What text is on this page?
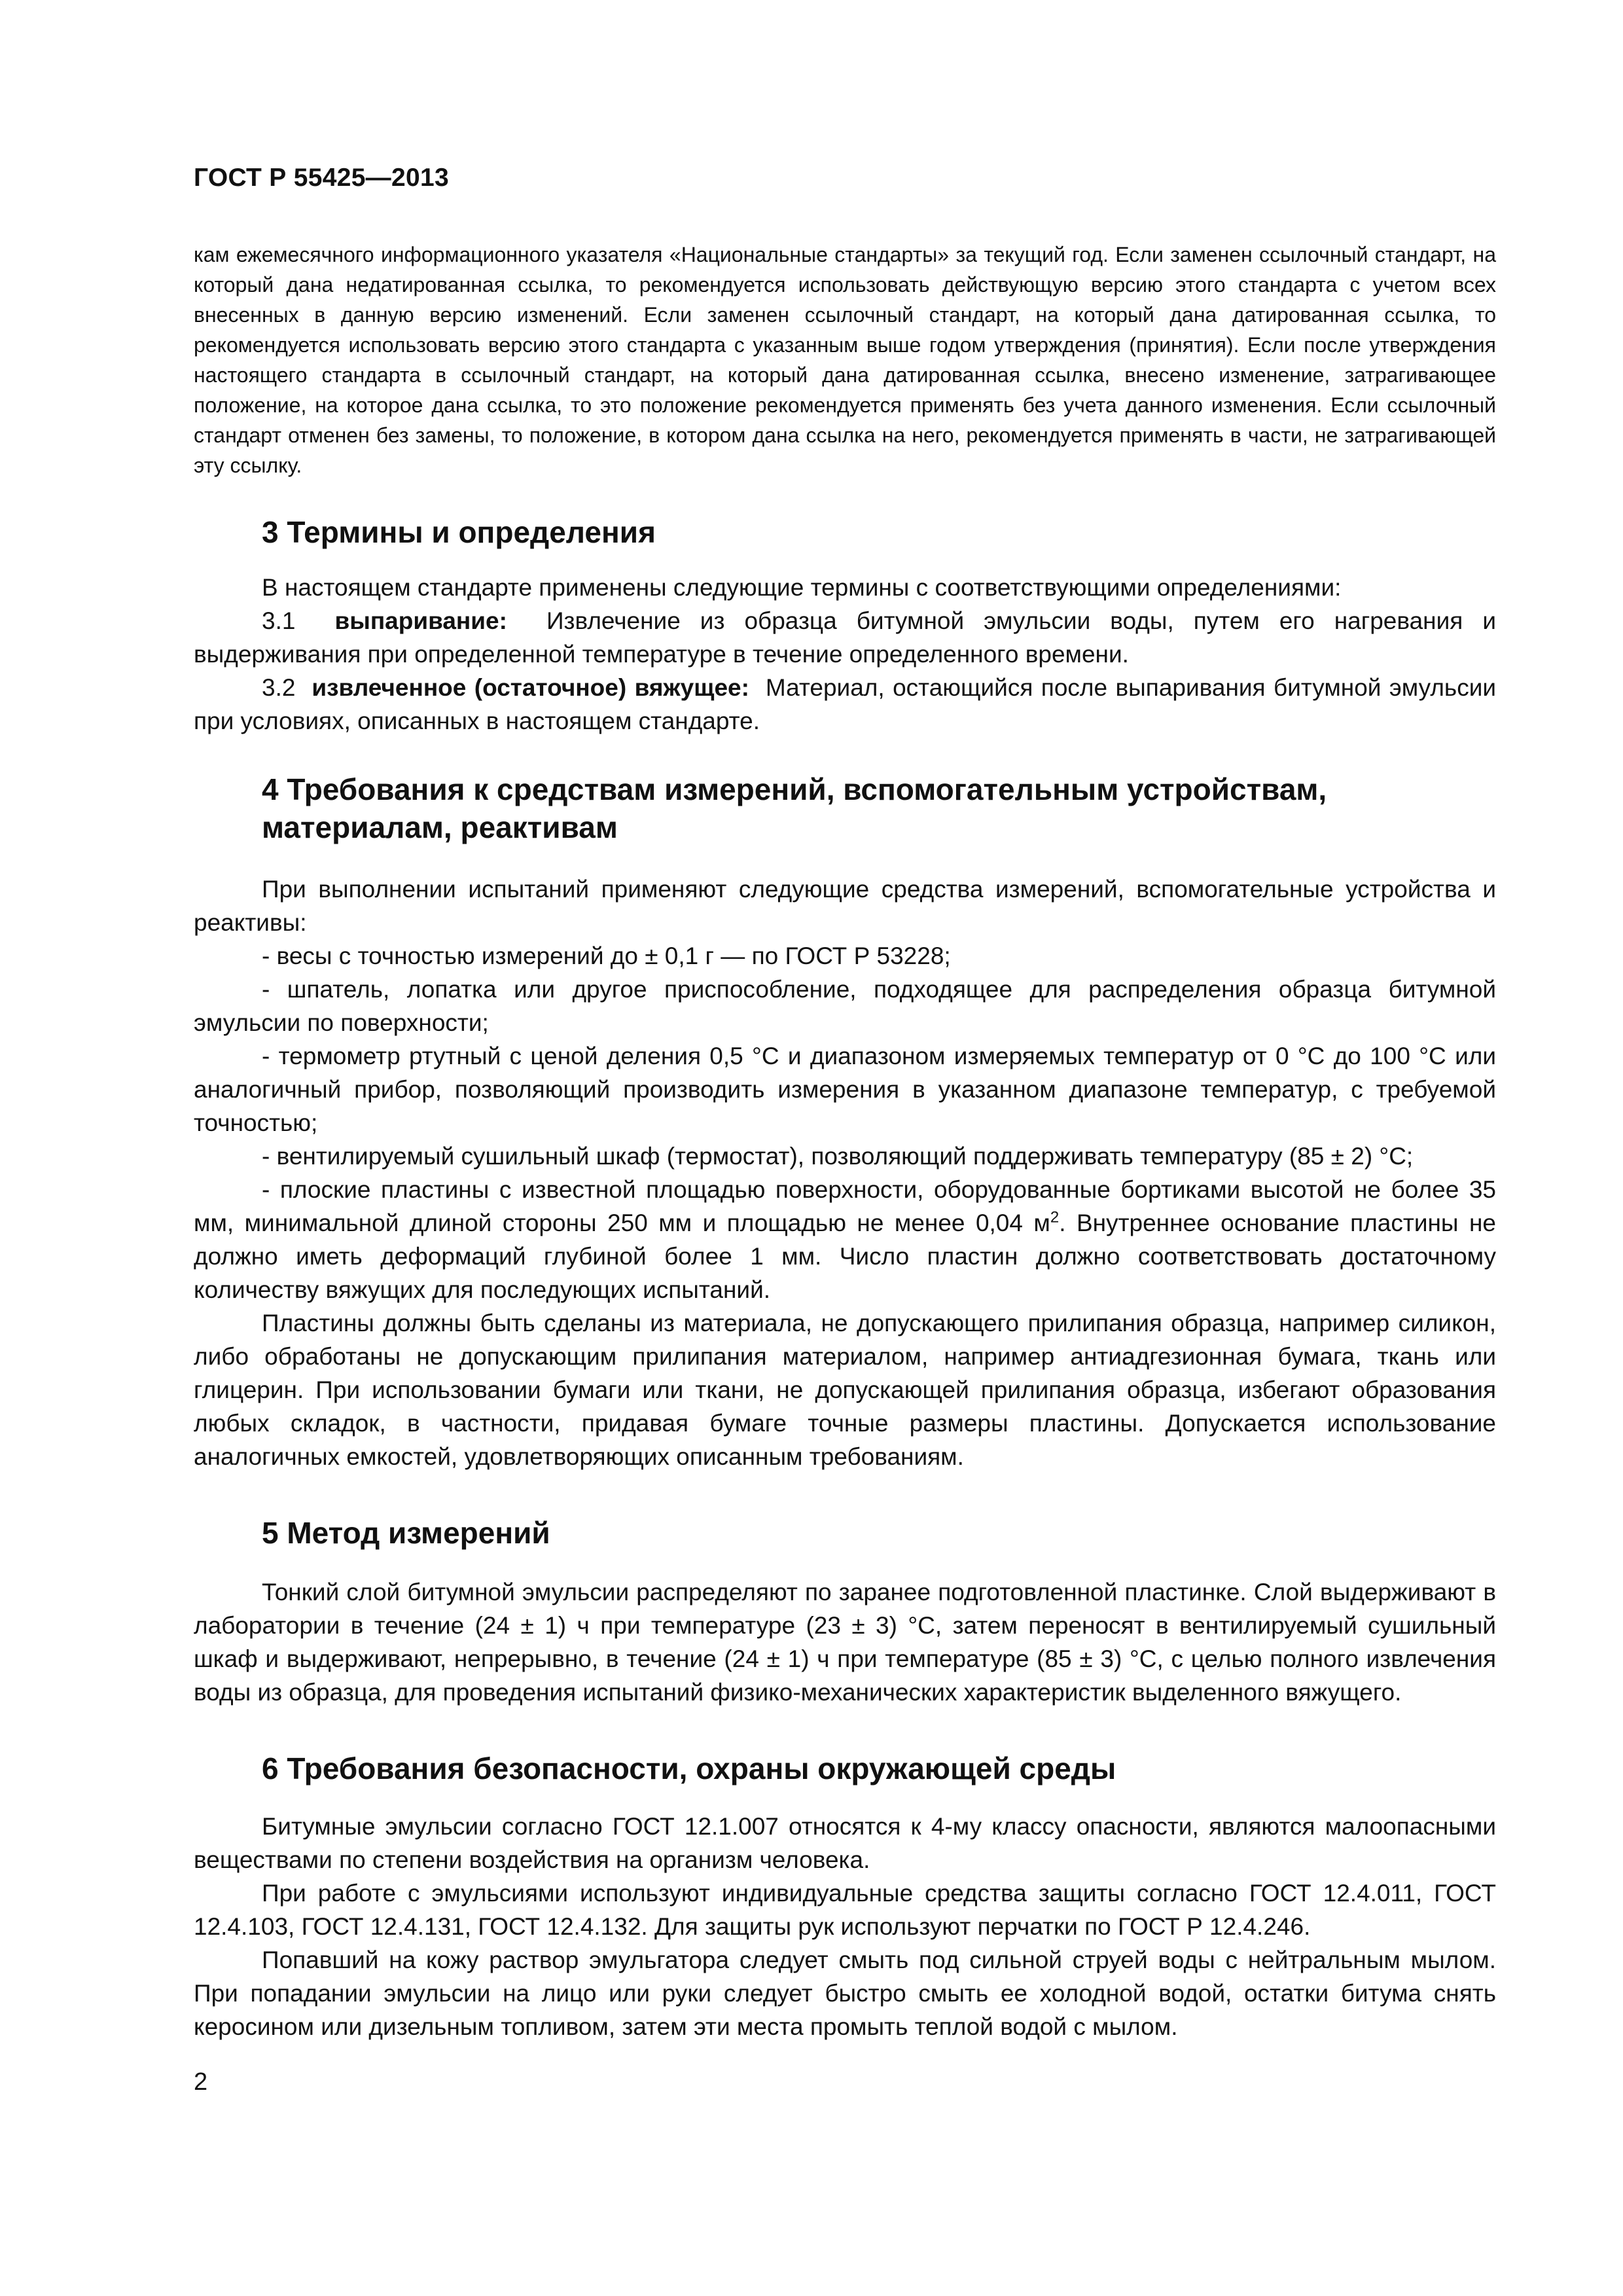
ГОСТ Р 55425—2013

кам ежемесячного информационного указателя «Национальные стандарты» за текущий год. Если заменен ссылочный стандарт, на который дана недатированная ссылка, то рекомендуется использовать действующую версию этого стандарта с учетом всех внесенных в данную версию изменений. Если заменен ссылочный стандарт, на который дана датированная ссылка, то рекомендуется использовать версию этого стандарта с указанным выше годом утверждения (принятия). Если после утверждения настоящего стандарта в ссылочный стандарт, на который дана датированная ссылка, внесено изменение, затрагивающее положение, на которое дана ссылка, то это положение рекомендуется применять без учета данного изменения. Если ссылочный стандарт отменен без замены, то положение, в котором дана ссылка на него, рекомендуется применять в части, не затрагивающей эту ссылку.

3 Термины и определения

В настоящем стандарте применены следующие термины с соответствующими определениями:

3.1 выпаривание: Извлечение из образца битумной эмульсии воды, путем его нагревания и выдерживания при определенной температуре в течение определенного времени.

3.2 извлеченное (остаточное) вяжущее: Материал, остающийся после выпаривания битумной эмульсии при условиях, описанных в настоящем стандарте.

4 Требования к средствам измерений, вспомогательным устройствам, материалам, реактивам

При выполнении испытаний применяют следующие средства измерений, вспомогательные устройства и реактивы:

- весы с точностью измерений до ± 0,1 г — по ГОСТ Р 53228;

- шпатель, лопатка или другое приспособление, подходящее для распределения образца битумной эмульсии по поверхности;

- термометр ртутный с ценой деления 0,5 °С и диапазоном измеряемых температур от 0 °С до 100 °С или аналогичный прибор, позволяющий производить измерения в указанном диапазоне температур, с требуемой точностью;

- вентилируемый сушильный шкаф (термостат), позволяющий поддерживать температуру (85 ± 2) °С;

- плоские пластины с известной площадью поверхности, оборудованные бортиками высотой не более 35 мм, минимальной длиной стороны 250 мм и площадью не менее 0,04 $м^2$. Внутреннее основание пластины не должно иметь деформаций глубиной более 1 мм. Число пластин должно соответствовать достаточному количеству вяжущих для последующих испытаний.

Пластины должны быть сделаны из материала, не допускающего прилипания образца, например силикон, либо обработаны не допускающим прилипания материалом, например антиадгезионная бумага, ткань или глицерин. При использовании бумаги или ткани, не допускающей прилипания образца, избегают образования любых складок, в частности, придавая бумаге точные размеры пластины. Допускается использование аналогичных емкостей, удовлетворяющих описанным требованиям.

5 Метод измерений

Тонкий слой битумной эмульсии распределяют по заранее подготовленной пластинке. Слой выдерживают в лаборатории в течение (24 ± 1) ч при температуре (23 ± 3) °С, затем переносят в вентилируемый сушильный шкаф и выдерживают, непрерывно, в течение (24 ± 1) ч при температуре (85 ± 3) °С, с целью полного извлечения воды из образца, для проведения испытаний физико-механических характеристик выделенного вяжущего.

6 Требования безопасности, охраны окружающей среды

Битумные эмульсии согласно ГОСТ 12.1.007 относятся к 4-му классу опасности, являются малоопасными веществами по степени воздействия на организм человека.

При работе с эмульсиями используют индивидуальные средства защиты согласно ГОСТ 12.4.011, ГОСТ 12.4.103, ГОСТ 12.4.131, ГОСТ 12.4.132. Для защиты рук используют перчатки по ГОСТ Р 12.4.246.

Попавший на кожу раствор эмульгатора следует смыть под сильной струей воды с нейтральным мылом. При попадании эмульсии на лицо или руки следует быстро смыть ее холодной водой, остатки битума снять керосином или дизельным топливом, затем эти места промыть теплой водой с мылом.

2
